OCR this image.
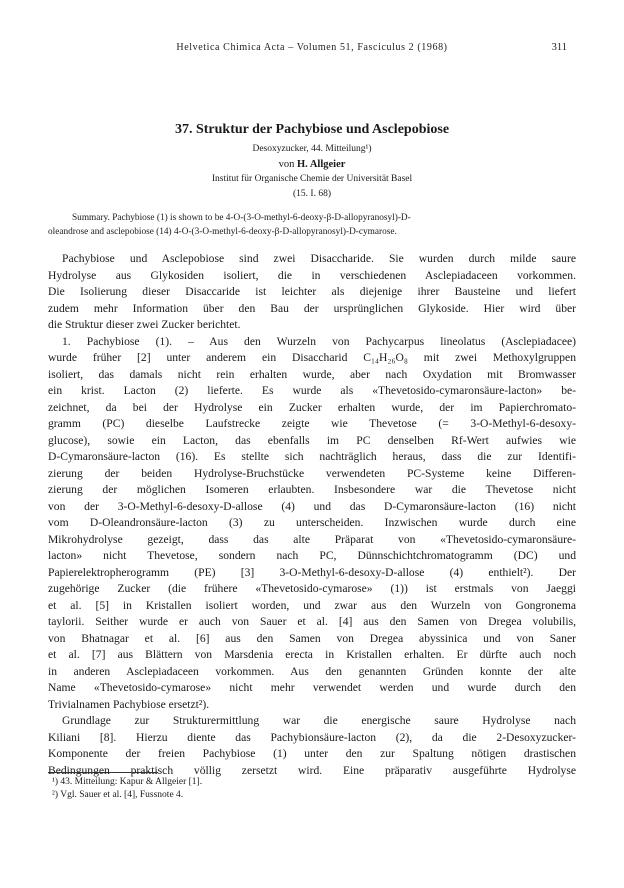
Helvetica Chimica Acta – Volumen 51, Fasciculus 2 (1968)	311
37. Struktur der Pachybiose und Asclepobiose
Desoxyzucker, 44. Mitteilung¹)
von H. Allgeier
Institut für Organische Chemie der Universität Basel
(15. I. 68)
Summary. Pachybiose (1) is shown to be 4-O-(3-O-methyl-6-deoxy-β-D-allopyranosyl)-D-
oleandrose and asclepobiose (14) 4-O-(3-O-methyl-6-deoxy-β-D-allopyranosyl)-D-cymarose.
Pachybiose und Asclepobiose sind zwei Disaccharide. Sie wurden durch milde saure
Hydrolyse aus Glykosiden isoliert, die in verschiedenen Asclepiadaceen vorkommen.
Die Isolierung dieser Disaccaride ist leichter als diejenige ihrer Bausteine und liefert
zudem mehr Information über den Bau der ursprünglichen Glykoside. Hier wird über
die Struktur dieser zwei Zucker berichtet.
1. Pachybiose (1). – Aus den Wurzeln von Pachycarpus lineolatus (Asclepiadacee)
wurde früher [2] unter anderem ein Disaccharid C₁₄H₂₆O₈ mit zwei Methoxylgruppen
isoliert, das damals nicht rein erhalten wurde, aber nach Oxydation mit Bromwasser
ein krist. Lacton (2) lieferte. Es wurde als «Thevetosido-cymaronsäure-lacton» be-
zeichnet, da bei der Hydrolyse ein Zucker erhalten wurde, der im Papierchromato-
gramm (PC) dieselbe Laufstrecke zeigte wie Thevetose (= 3-O-Methyl-6-desoxy-
glucose), sowie ein Lacton, das ebenfalls im PC denselben Rf-Wert aufwies wie
D-Cymaronsäure-lacton (16). Es stellte sich nachträglich heraus, dass die zur Identifi-
zierung der beiden Hydrolyse-Bruchstücke verwendeten PC-Systeme keine Differen-
zierung der möglichen Isomeren erlaubten. Insbesondere war die Thevetose nicht
von der 3-O-Methyl-6-desoxy-D-allose (4) und das D-Cymaronsäure-lacton (16) nicht
vom D-Oleandronsäure-lacton (3) zu unterscheiden. Inzwischen wurde durch eine
Mikrohydrolyse gezeigt, dass das alte Präparat von «Thevetosido-cymaronsäure-
lacton» nicht Thevetose, sondern nach PC, Dünnschichtchromatogramm (DC) und
Papierelektropherogramm (PE) [3] 3-O-Methyl-6-desoxy-D-allose (4) enthielt²). Der
zugehörige Zucker (die frühere «Thevetosido-cymarose» (1)) ist erstmals von Jaeggi
et al. [5] in Kristallen isoliert worden, und zwar aus den Wurzeln von Gongronema
taylorii. Seither wurde er auch von Sauer et al. [4] aus den Samen von Dregea volubilis,
von Bhatnagar et al. [6] aus den Samen von Dregea abyssinica und von Saner
et al. [7] aus Blättern von Marsdenia erecta in Kristallen erhalten. Er dürfte auch noch
in anderen Asclepiadaceen vorkommen. Aus den genannten Gründen konnte der alte
Name «Thevetosido-cymarose» nicht mehr verwendet werden und wurde durch den
Trivialnamen Pachybiose ersetzt²).
Grundlage zur Strukturermittlung war die energische saure Hydrolyse nach
Kiliani [8]. Hierzu diente das Pachybionsäure-lacton (2), da die 2-Desoxyzucker-
Komponente der freien Pachybiose (1) unter den zur Spaltung nötigen drastischen
Bedingungen praktisch völlig zersetzt wird. Eine präparativ ausgeführte Hydrolyse
¹) 43. Mitteilung: Kapur & Allgeier [1].
²) Vgl. Sauer et al. [4], Fussnote 4.
